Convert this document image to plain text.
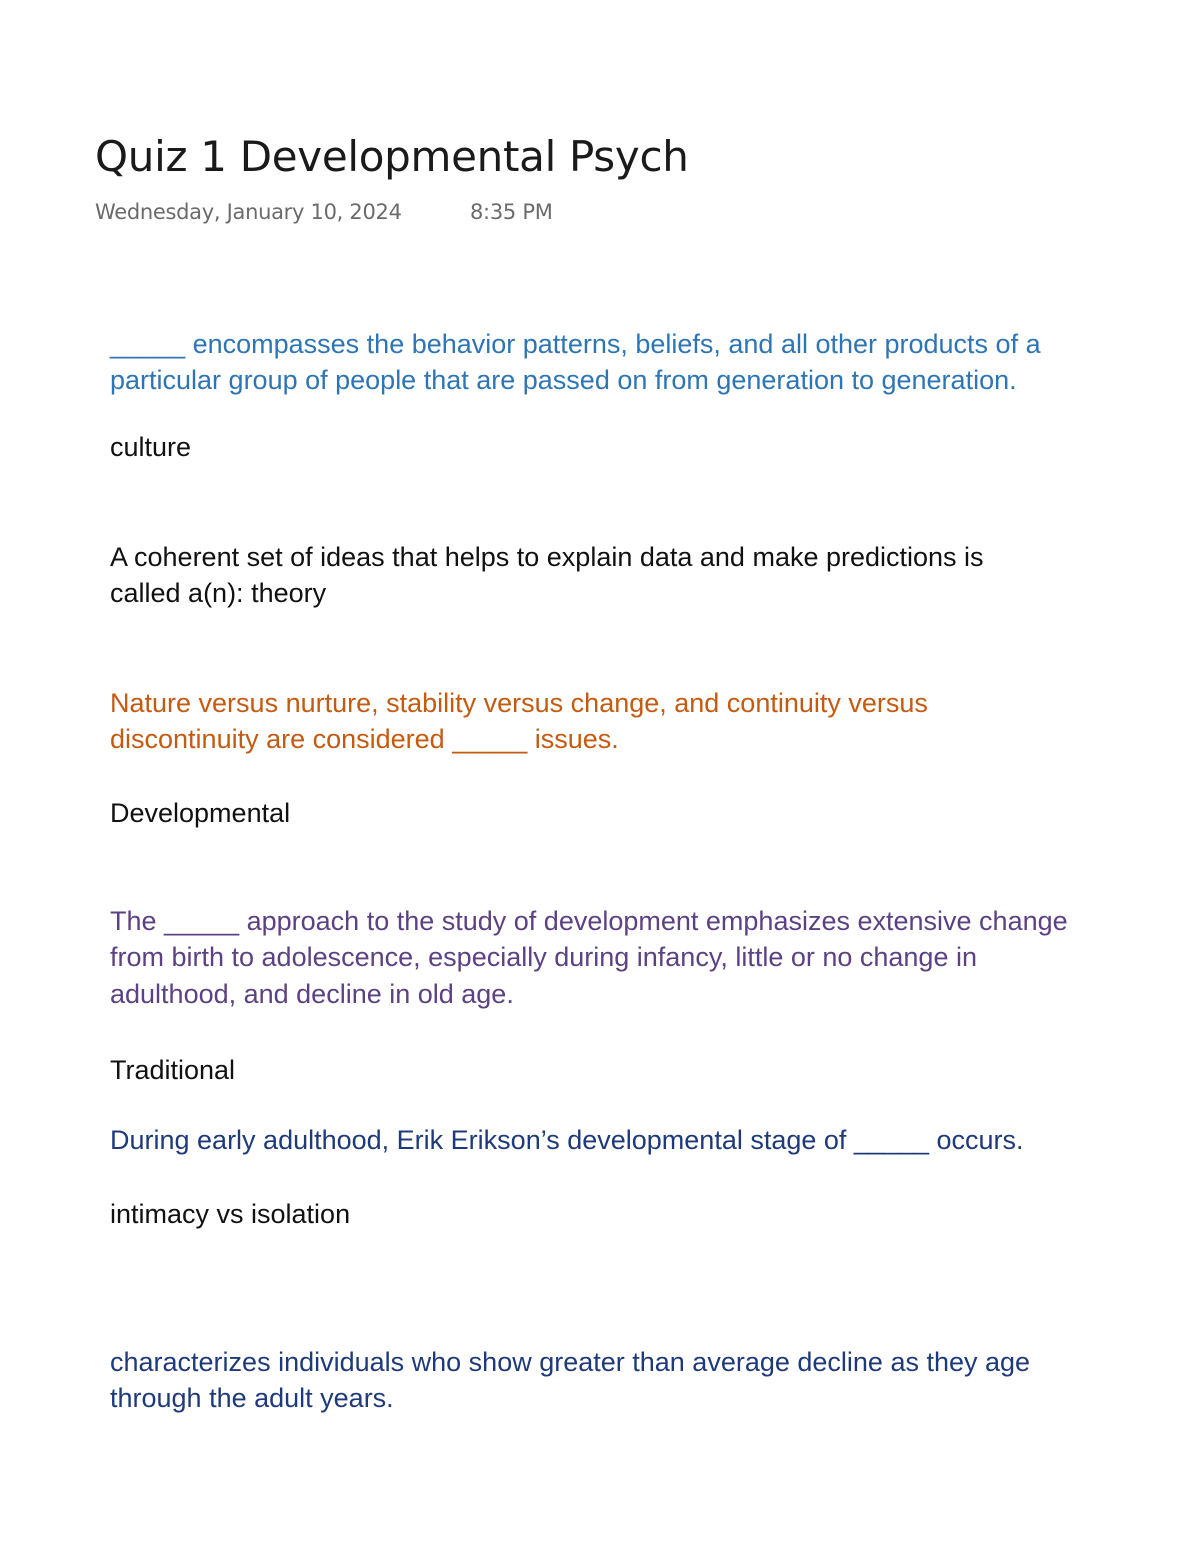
Quiz 1 Developmental Psych
Wednesday, January 10, 2024	8:35 PM

_____ encompasses the behavior patterns, beliefs, and all other products of a
particular group of people that are passed on from generation to generation.

culture

A coherent set of ideas that helps to explain data and make predictions is
called a(n): theory

Nature versus nurture, stability versus change, and continuity versus
discontinuity are considered _____ issues.

Developmental

The _____ approach to the study of development emphasizes extensive change
from birth to adolescence, especially during infancy, little or no change in
adulthood, and decline in old age.

Traditional

During early adulthood, Erik Erikson’s developmental stage of _____ occurs.

intimacy vs isolation

characterizes individuals who show greater than average decline as they age
through the adult years.
